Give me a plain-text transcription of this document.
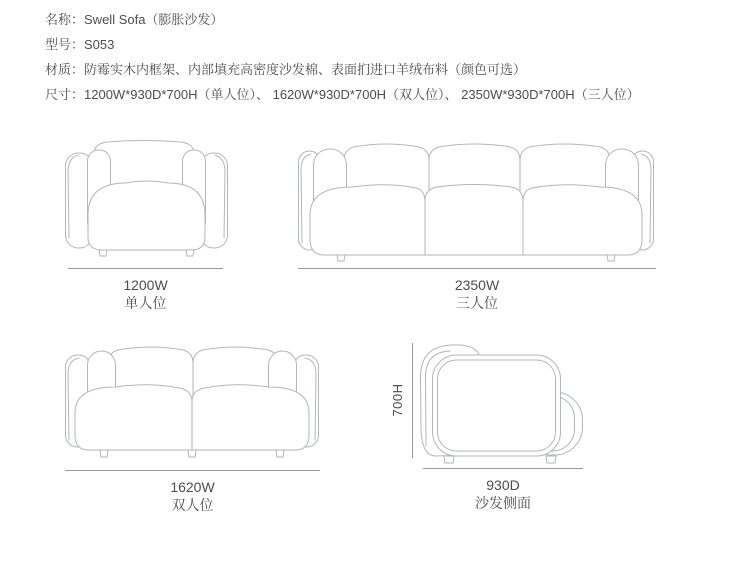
名称：Swell Sofa（膨胀沙发）
型号：S053
材质：防霉实木内框架、内部填充高密度沙发棉、表面扪进口羊绒布料（颜色可选）
尺寸：1200W*930D*700H（单人位）、 1620W*930D*700H（双人位）、 2350W*930D*700H（三人位）
1200W
单人位
2350W
三人位
1620W
双人位
700H
930D
沙发侧面
